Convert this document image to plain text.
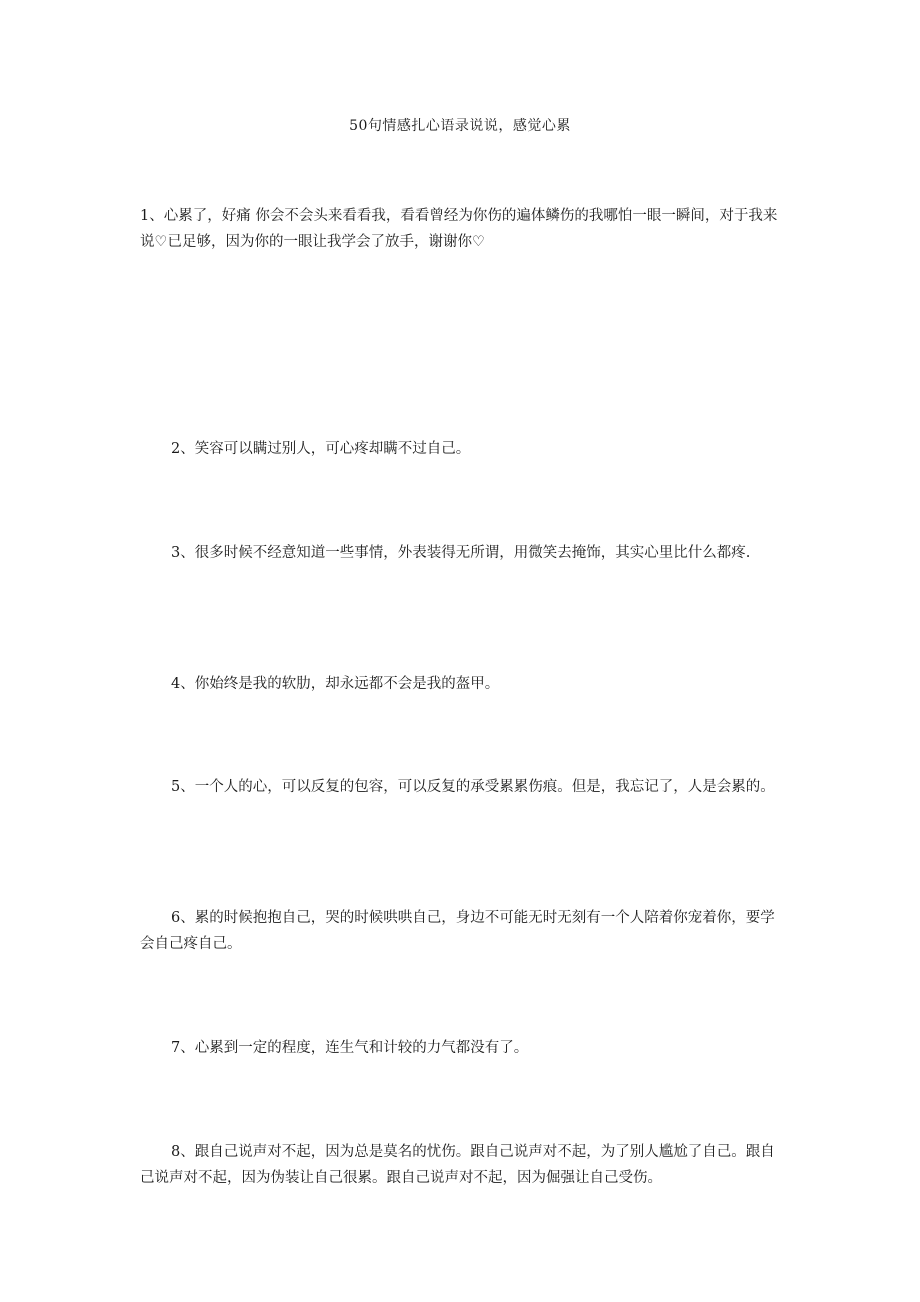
50句情感扎心语录说说，感觉心累

1、心累了，好痛 你会不会头来看看我，看看曾经为你伤的遍体鳞伤的我哪怕一眼一瞬间，对于我来说♡已足够，因为你的一眼让我学会了放手，谢谢你♡

2、笑容可以瞒过别人，可心疼却瞒不过自己。

3、很多时候不经意知道一些事情，外表装得无所谓，用微笑去掩饰，其实心里比什么都疼.

4、你始终是我的软肋，却永远都不会是我的盔甲。

5、一个人的心，可以反复的包容，可以反复的承受累累伤痕。但是，我忘记了，人是会累的。

6、累的时候抱抱自己，哭的时候哄哄自己，身边不可能无时无刻有一个人陪着你宠着你，要学会自己疼自己。

7、心累到一定的程度，连生气和计较的力气都没有了。

8、跟自己说声对不起，因为总是莫名的忧伤。跟自己说声对不起，为了别人尴尬了自己。跟自己说声对不起，因为伪装让自己很累。跟自己说声对不起，因为倔强让自己受伤。
